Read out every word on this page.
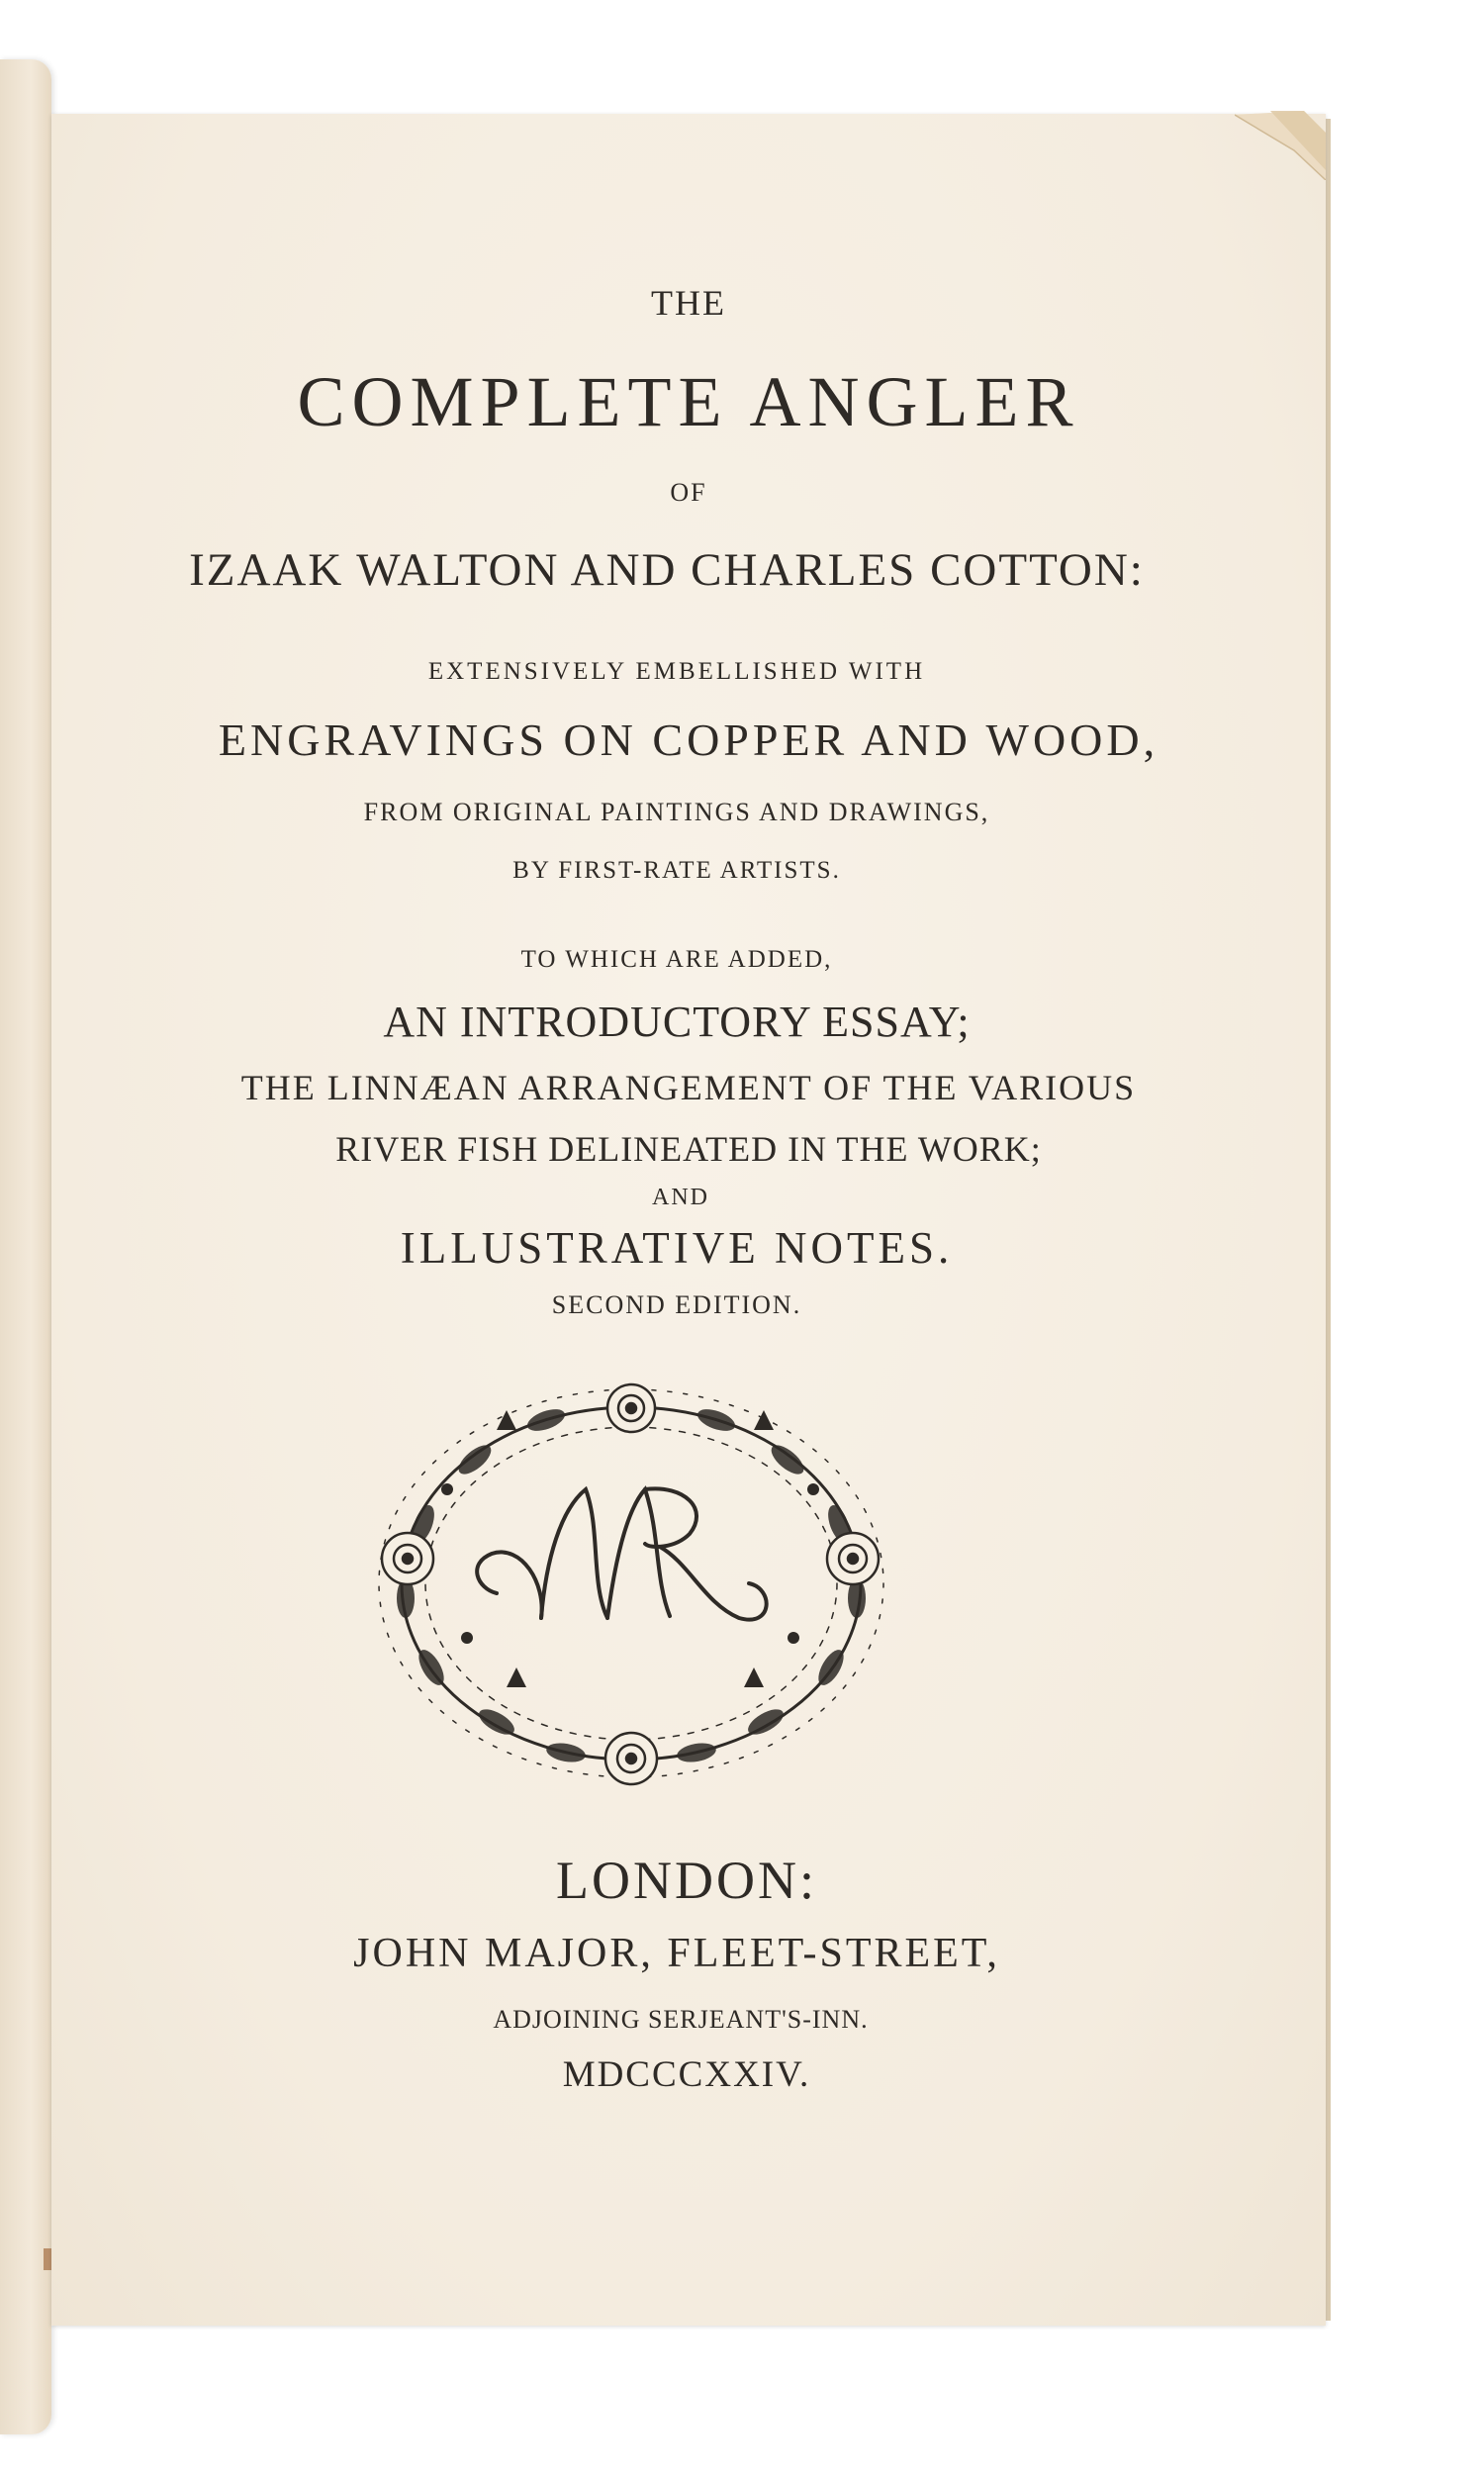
THE

COMPLETE ANGLER

OF

IZAAK WALTON AND CHARLES COTTON:

EXTENSIVELY EMBELLISHED WITH

ENGRAVINGS ON COPPER AND WOOD,

FROM ORIGINAL PAINTINGS AND DRAWINGS,

BY FIRST-RATE ARTISTS.

TO WHICH ARE ADDED,

AN INTRODUCTORY ESSAY;

THE LINNÆAN ARRANGEMENT OF THE VARIOUS

RIVER FISH DELINEATED IN THE WORK;

AND

ILLUSTRATIVE NOTES.

SECOND EDITION.

LONDON:

JOHN MAJOR, FLEET-STREET,

ADJOINING SERJEANT'S-INN.

MDCCCXXIV.
